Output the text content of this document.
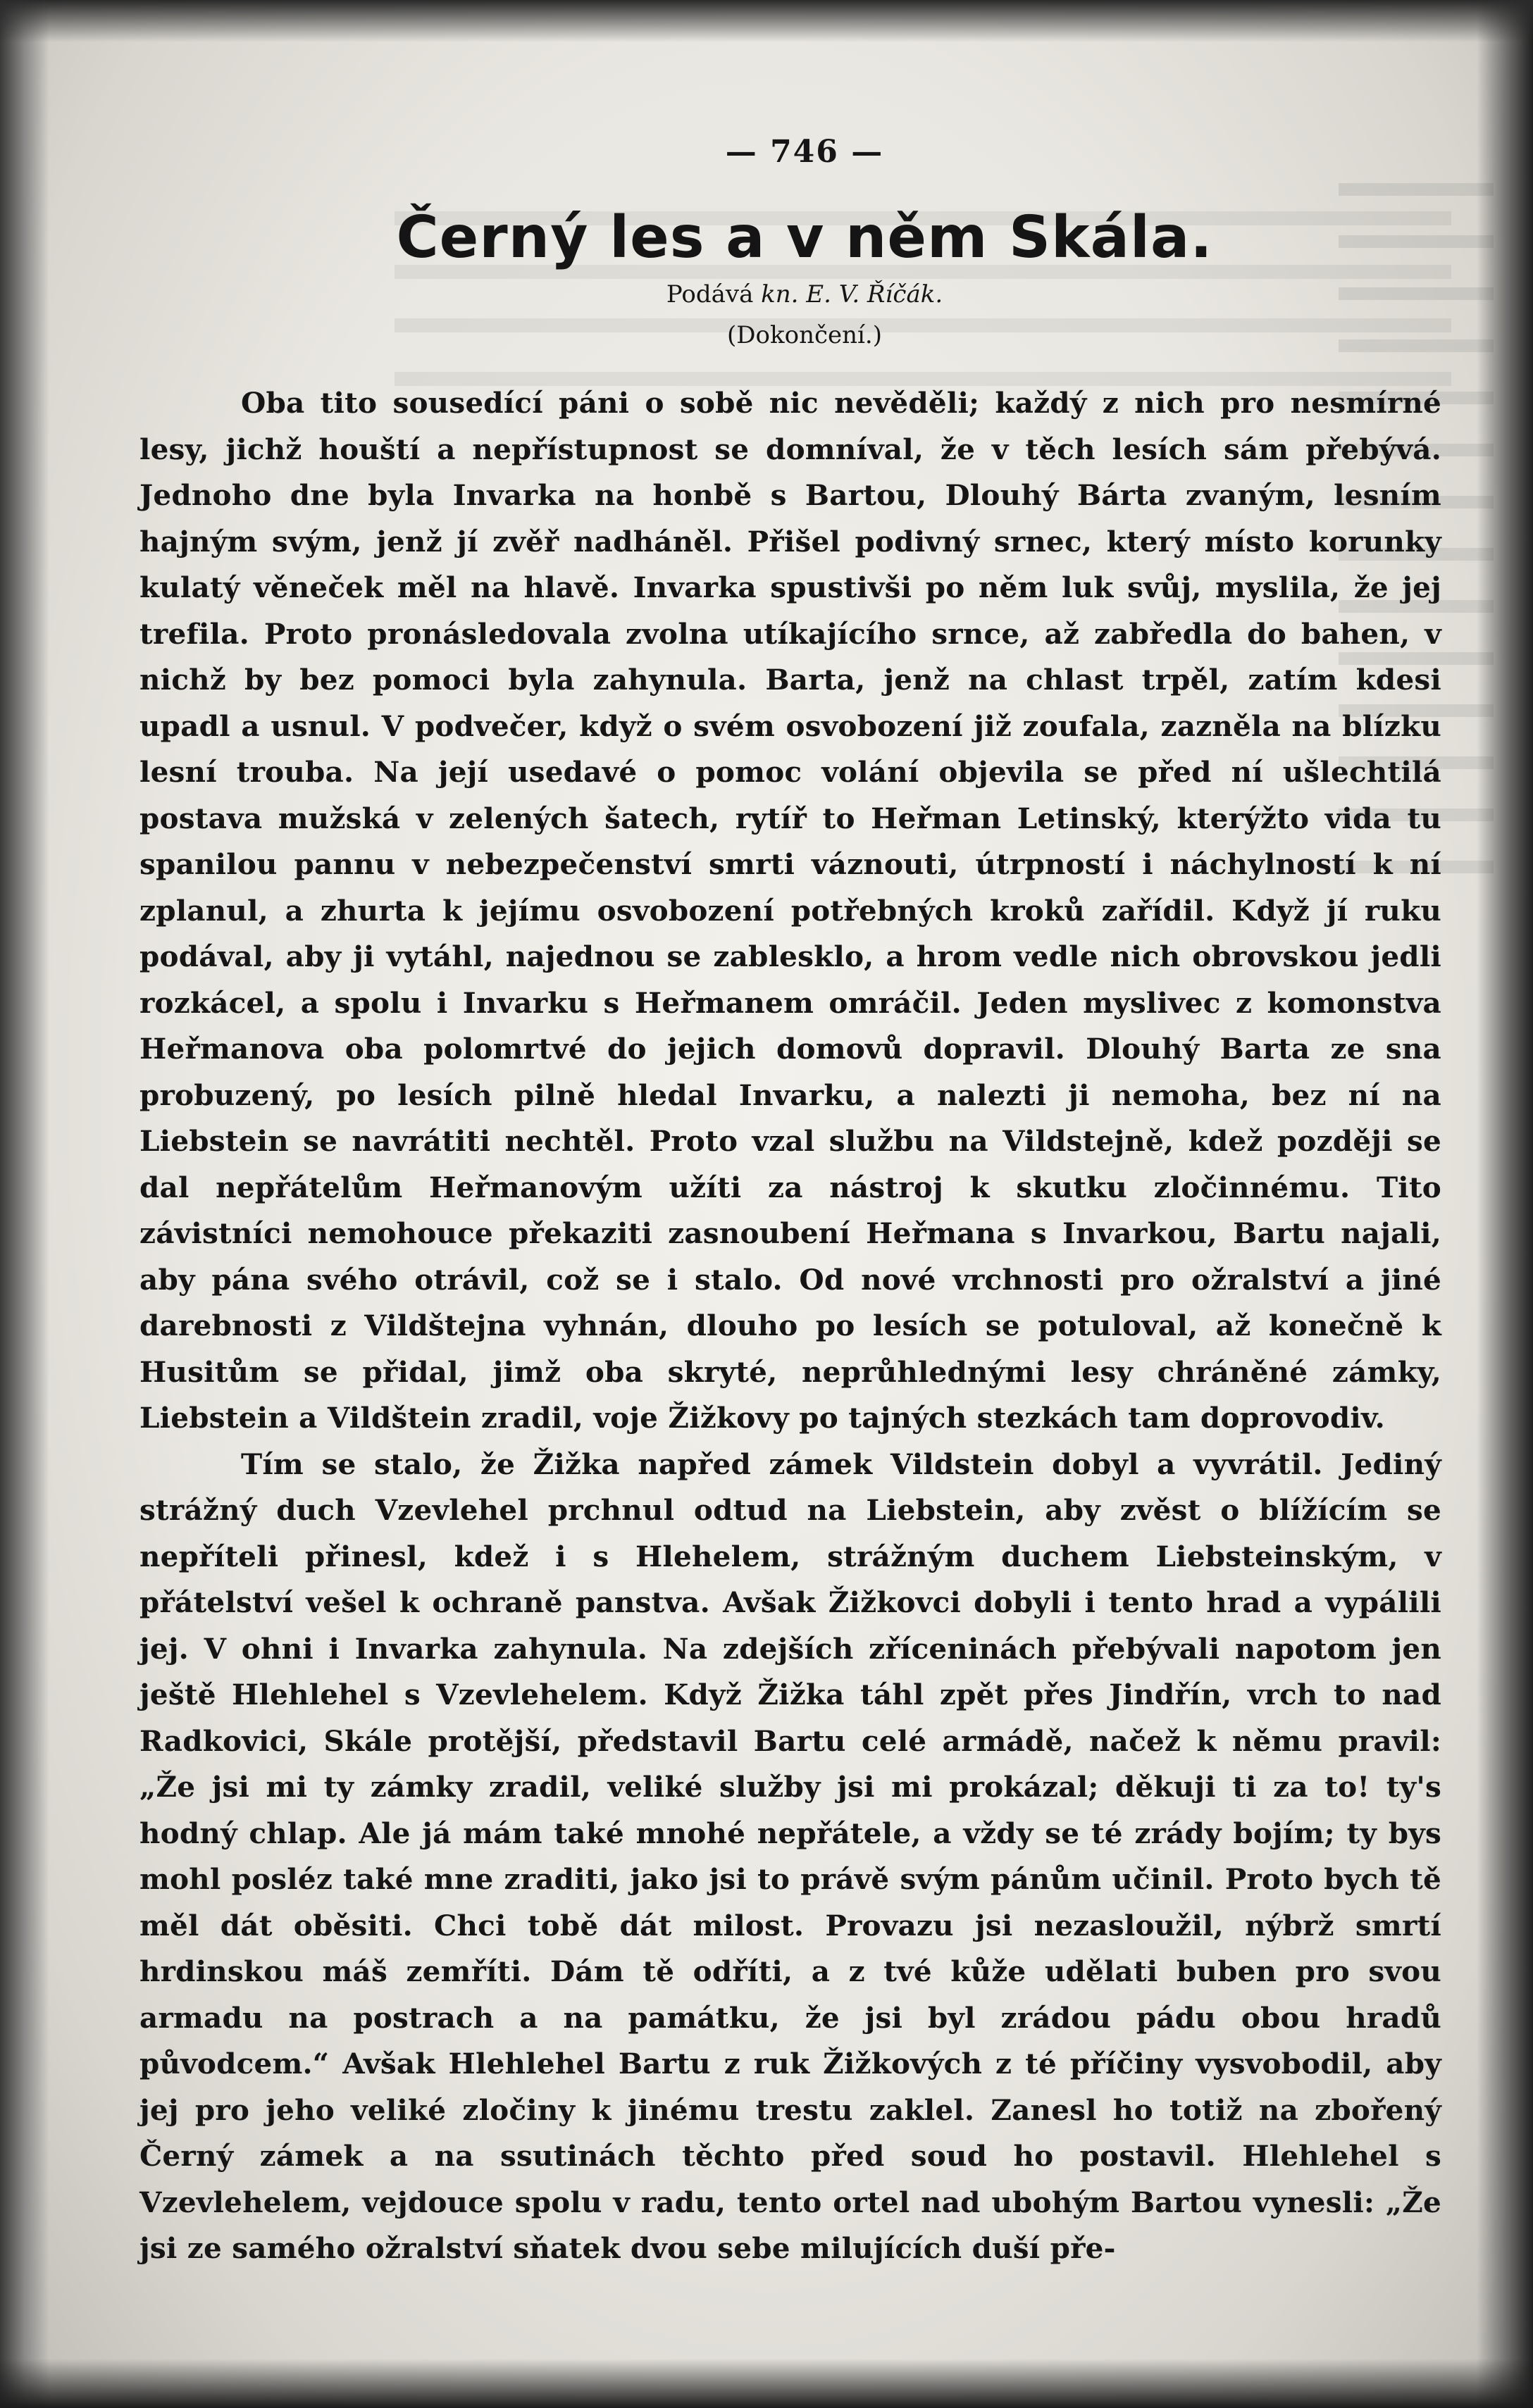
— 746 —
Černý les a v něm Skála.
Podává kn. E. V. Říčák.
(Dokončení.)

Oba tito sousedící páni o sobě nic nevěděli; každý z nich pro nesmírné lesy, jichž houští a nepřístupnost se domníval, že v těch lesích sám přebývá. Jednoho dne byla Invarka na honbě s Bartou, Dlouhý Bárta zvaným, lesním hajným svým, jenž jí zvěř nadháněl. Přišel podivný srnec, který místo korunky kulatý věneček měl na hlavě. Invarka spustivši po něm luk svůj, myslila, že jej trefila. Proto pronásledovala zvolna utíkajícího srnce, až zabředla do bahen, v nichž by bez pomoci byla zahynula. Barta, jenž na chlast trpěl, zatím kdesi upadl a usnul. V podvečer, když o svém osvobození již zoufala, zazněla na blízku lesní trouba. Na její usedavé o pomoc volání objevila se před ní ušlechtilá postava mužská v zelených šatech, rytíř to Heřman Letinský, kterýžto vida tu spanilou pannu v nebezpečenství smrti váznouti, útrpností i náchylností k ní zplanul, a zhurta k jejímu osvobození potřebných kroků zařídil. Když jí ruku podával, aby ji vytáhl, najednou se zablesklo, a hrom vedle nich obrovskou jedli rozkácel, a spolu i Invarku s Heřmanem omráčil. Jeden myslivec z komonstva Heřmanova oba polomrtvé do jejich domovů dopravil. Dlouhý Barta ze sna probuzený, po lesích pilně hledal Invarku, a nalezti ji nemoha, bez ní na Liebstein se navrátiti nechtěl. Proto vzal službu na Vildstejně, kdež později se dal nepřátelům Heřmanovým užíti za nástroj k skutku zločinnému. Tito závistníci nemohouce překaziti zasnoubení Heřmana s Invarkou, Bartu najali, aby pána svého otrávil, což se i stalo. Od nové vrchnosti pro ožralství a jiné darebnosti z Vildštejna vyhnán, dlouho po lesích se potuloval, až konečně k Husitům se přidal, jimž oba skryté, neprůhlednými lesy chráněné zámky, Liebstein a Vildštein zradil, voje Žižkovy po tajných stezkách tam doprovodiv.

Tím se stalo, že Žižka napřed zámek Vildstein dobyl a vyvrátil. Jediný strážný duch Vzevlehel prchnul odtud na Liebstein, aby zvěst o blížícím se nepříteli přinesl, kdež i s Hlehelem, strážným duchem Liebsteinským, v přátelství vešel k ochraně panstva. Avšak Žižkovci dobyli i tento hrad a vypálili jej. V ohni i Invarka zahynula. Na zdejších zříceninách přebývali napotom jen ještě Hlehlehel s Vzevlehelem. Když Žižka táhl zpět přes Jindřín, vrch to nad Radkovici, Skále protější, představil Bartu celé armádě, načež k němu pravil: „Že jsi mi ty zámky zradil, veliké služby jsi mi prokázal; děkuji ti za to! ty's hodný chlap. Ale já mám také mnohé nepřátele, a vždy se té zrády bojím; ty bys mohl posléz také mne zraditi, jako jsi to právě svým pánům učinil. Proto bych tě měl dát oběsiti. Chci tobě dát milost. Provazu jsi nezasloužil, nýbrž smrtí hrdinskou máš zemříti. Dám tě odříti, a z tvé kůže udělati buben pro svou armadu na postrach a na památku, že jsi byl zrádou pádu obou hradů původcem.“ Avšak Hlehlehel Bartu z ruk Žižkových z té příčiny vysvobodil, aby jej pro jeho veliké zločiny k jinému trestu zaklel. Zanesl ho totiž na zbořený Černý zámek a na ssutinách těchto před soud ho postavil. Hlehlehel s Vzevlehelem, vejdouce spolu v radu, tento ortel nad ubohým Bartou vynesli: „Že jsi ze samého ožralství sňatek dvou sebe milujících duší pře-
